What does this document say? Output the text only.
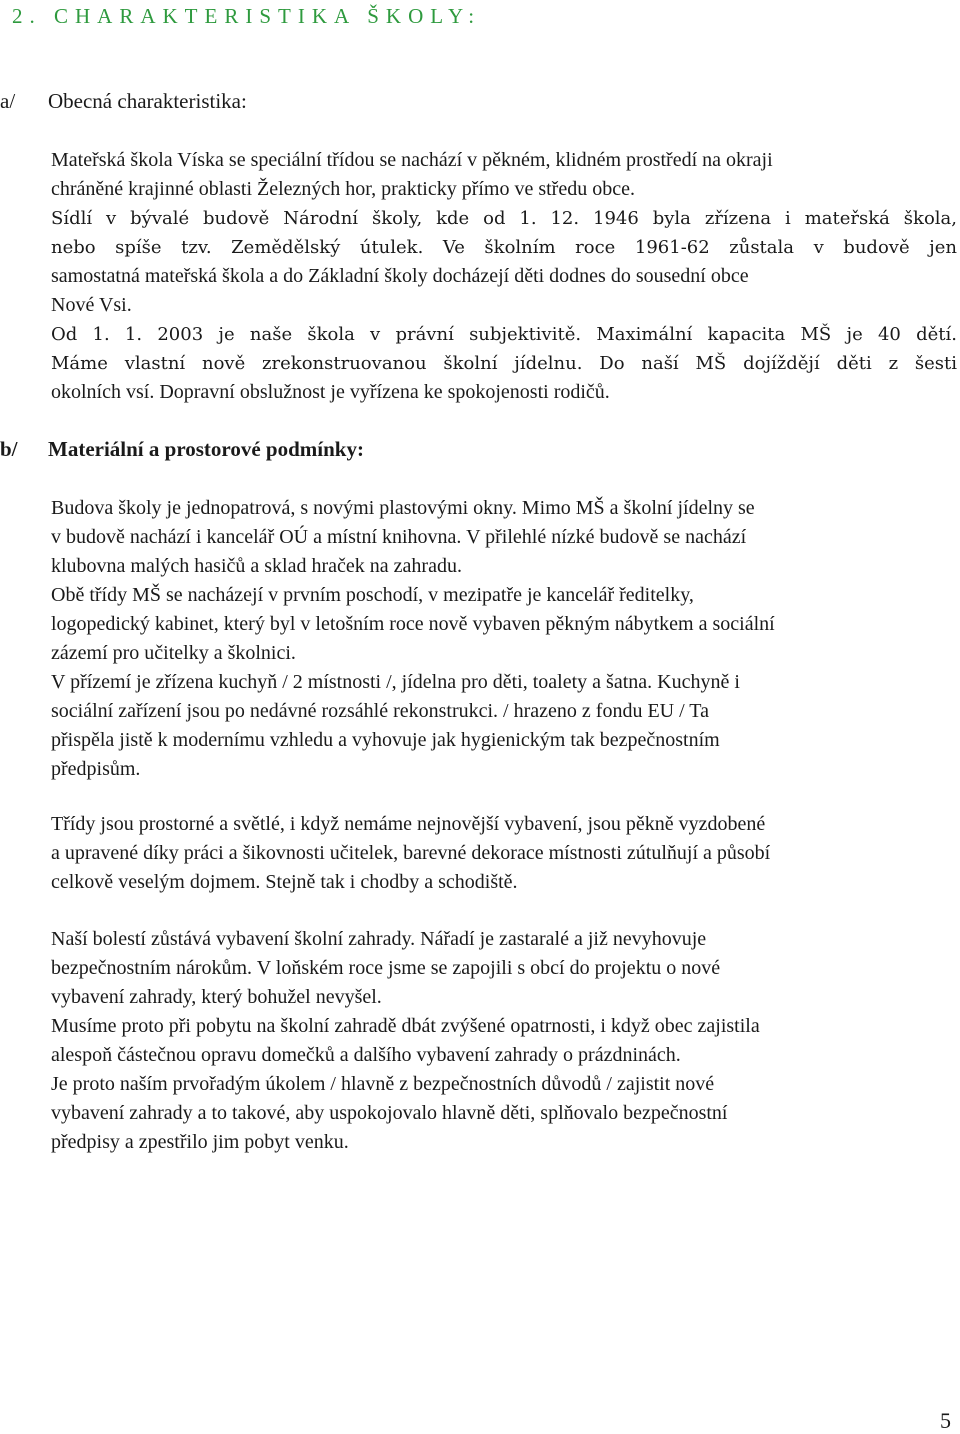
2. CHARAKTERISTIKA ŠKOLY:
a/ Obecná charakteristika:
Mateřská škola Víska se speciální třídou se nachází v pěkném, klidném prostředí na okraji
chráněné krajinné oblasti Železných hor, prakticky přímo ve středu obce.
Sídlí v bývalé budově Národní školy, kde od 1. 12. 1946 byla zřízena i mateřská škola,
nebo spíše tzv. Zemědělský útulek. Ve školním roce 1961-62 zůstala v budově jen
samostatná mateřská škola a do Základní školy docházejí děti dodnes do sousední obce
Nové Vsi.
Od 1. 1. 2003 je naše škola v právní subjektivitě. Maximální kapacita MŠ je 40 dětí.
Máme vlastní nově zrekonstruovanou školní jídelnu. Do naší MŠ dojíždějí děti z šesti
okolních vsí. Dopravní obslužnost je vyřízena ke spokojenosti rodičů.
b/ Materiální a prostorové podmínky:
Budova školy je jednopatrová, s novými plastovými okny. Mimo MŠ a školní jídelny se
v budově nachází i kancelář OÚ a místní knihovna. V přilehlé nízké budově se nachází
klubovna malých hasičů a sklad hraček na zahradu.
Obě třídy MŠ se nacházejí v prvním poschodí, v mezipatře je kancelář ředitelky,
logopedický kabinet, který byl v letošním roce nově vybaven pěkným nábytkem a sociální
zázemí pro učitelky a školnici.
V přízemí je zřízena kuchyň / 2 místnosti /, jídelna pro děti, toalety a šatna. Kuchyně i
sociální zařízení jsou po nedávné rozsáhlé rekonstrukci. / hrazeno z fondu EU / Ta
přispěla jistě k modernímu vzhledu a vyhovuje jak hygienickým tak bezpečnostním
předpisům.
Třídy jsou prostorné a světlé, i když nemáme nejnovější vybavení, jsou pěkně vyzdobené
a upravené díky práci a šikovnosti učitelek, barevné dekorace místnosti zútulňují a působí
celkově veselým dojmem. Stejně tak i chodby a schodiště.
Naší bolestí zůstává vybavení školní zahrady. Nářadí je zastaralé a již nevyhovuje
bezpečnostním nárokům. V loňském roce jsme se zapojili s obcí do projektu o nové
vybavení zahrady, který bohužel nevyšel.
Musíme proto při pobytu na školní zahradě dbát zvýšené opatrnosti, i když obec zajistila
alespoň částečnou opravu domečků a dalšího vybavení zahrady o prázdninách.
Je proto naším prvořadým úkolem / hlavně z bezpečnostních důvodů / zajistit nové
vybavení zahrady a to takové, aby uspokojovalo hlavně děti, splňovalo bezpečnostní
předpisy a zpestřilo jim pobyt venku.
5
